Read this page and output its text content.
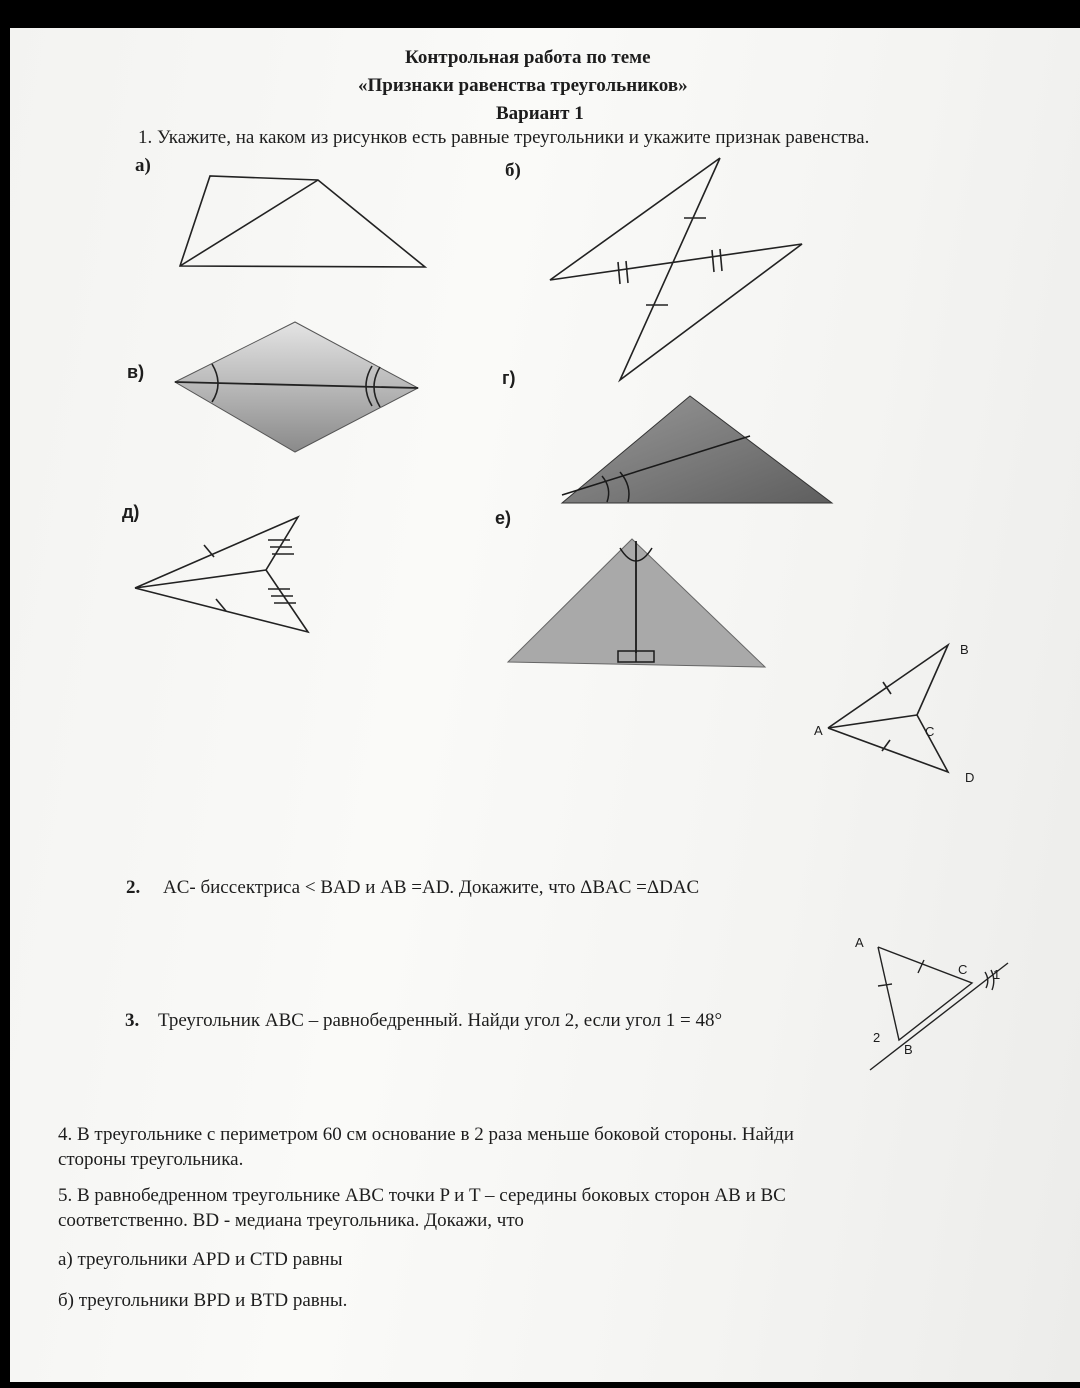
Контрольная работа по теме
«Признаки равенства треугольников»
Вариант 1
1. Укажите, на каком из рисунков есть равные треугольники и укажите признак равенства.
а)	б)
в)	г)
д)	е)
B
A	C
D
A
C
B
1
2
2. AC- биссектриса < BAD и AB =AD. Докажите, что ΔBAC =ΔDAC
3. Треугольник ABC – равнобедренный. Найди угол 2, если угол 1 = 48°
4. В треугольнике с периметром 60 см основание в 2 раза меньше боковой стороны. Найди
стороны треугольника.
5. В равнобедренном треугольнике ABC точки P и T – середины боковых сторон AB и BC
соответственно. BD - медиана треугольника. Докажи, что
а) треугольники APD и CTD равны
б) треугольники BPD и BTD равны.
